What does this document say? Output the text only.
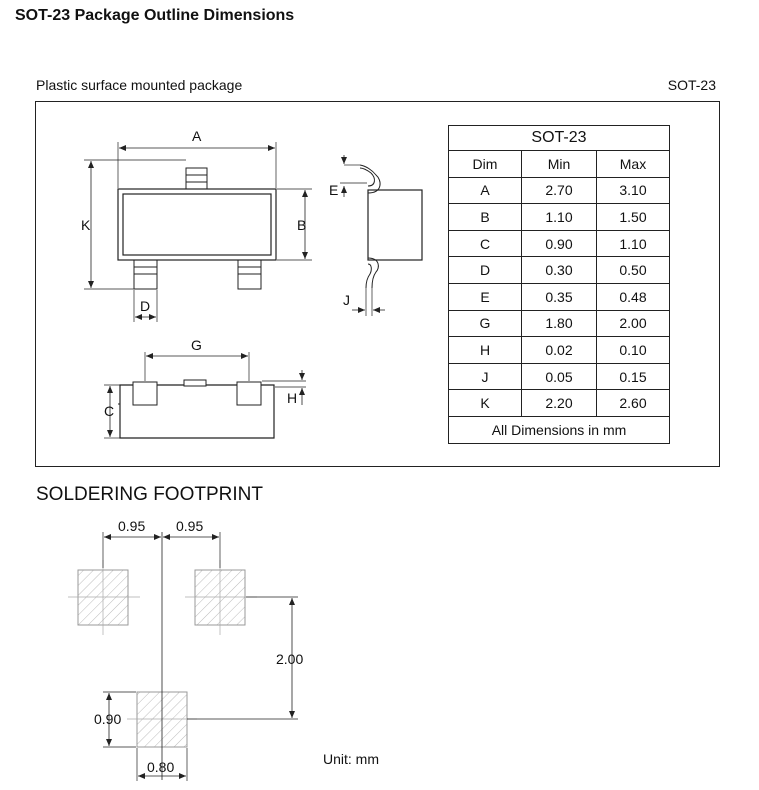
SOT-23 Package Outline Dimensions
Plastic surface mounted package	SOT-23
A
K	B
D
E
J
G
C
H
0.95 0.95
2.00
0.90
0.80
SOT-23		
Dim	Min	Max
A	2.70	3.10
B	1.10	1.50
C	0.90	1.10
D	0.30	0.50
E	0.35	0.48
G	1.80	2.00
H	0.02	0.10
J	0.05	0.15
K	2.20	2.60
All Dimensions in mm		
SOLDERING FOOTPRINT
Unit: mm
